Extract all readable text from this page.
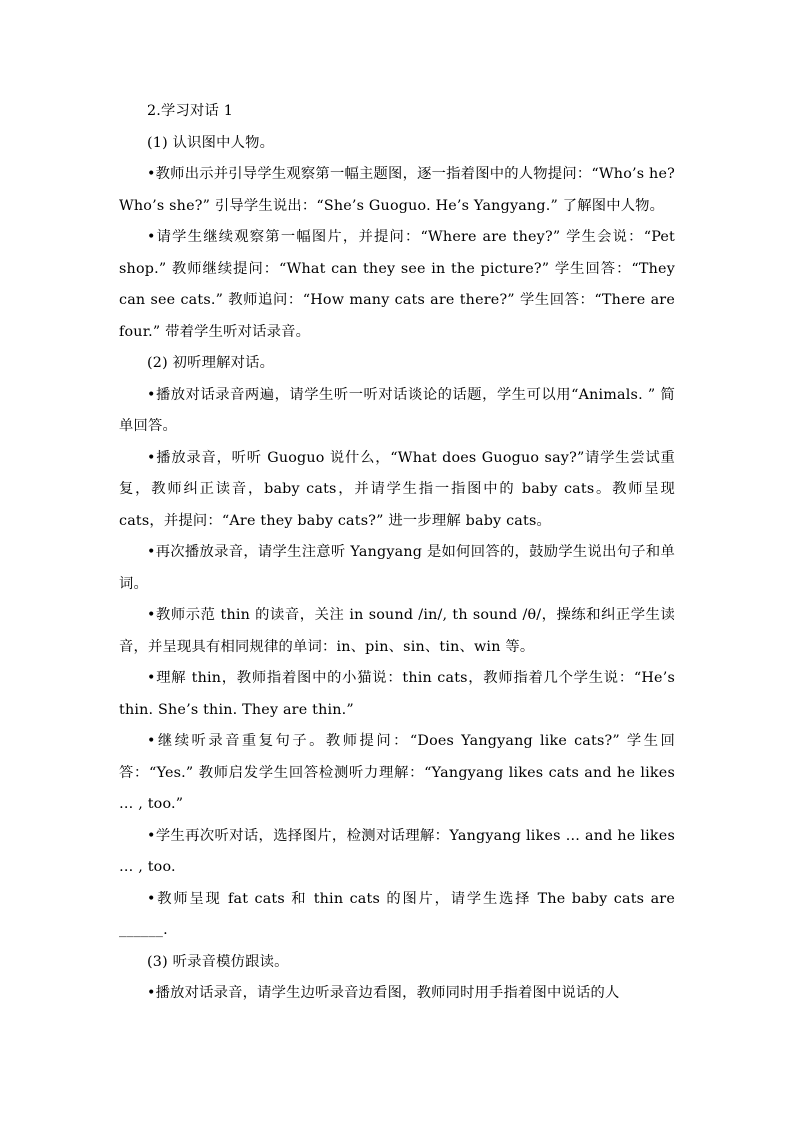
2.学习对话 1

(1) 认识图中人物。

•教师出示并引导学生观察第一幅主题图，逐一指着图中的人物提问：“Who’s he? Who’s she?” 引导学生说出：“She’s Guoguo. He’s Yangyang.” 了解图中人物。

•请学生继续观察第一幅图片，并提问：“Where are they?” 学生会说：“Pet shop.” 教师继续提问：“What can they see in the picture?” 学生回答：“They can see cats.” 教师追问：“How many cats are there?” 学生回答：“There are four.” 带着学生听对话录音。

(2) 初听理解对话。

•播放对话录音两遍，请学生听一听对话谈论的话题，学生可以用“Animals. ” 简单回答。

•播放录音，听听 Guoguo 说什么，“What does Guoguo say?”请学生尝试重复，教师纠正读音，baby cats，并请学生指一指图中的 baby cats。教师呈现 cats，并提问：“Are they baby cats?” 进一步理解 baby cats。

•再次播放录音，请学生注意听 Yangyang 是如何回答的，鼓励学生说出句子和单词。

•教师示范 thin 的读音，关注 in sound /in/, th sound /θ/，操练和纠正学生读音，并呈现具有相同规律的单词：in、pin、sin、tin、win 等。

•理解 thin，教师指着图中的小猫说：thin cats，教师指着几个学生说：“He’s thin. She’s thin. They are thin.”

•继续听录音重复句子。教师提问：“Does Yangyang like cats?” 学生回答：“Yes.” 教师启发学生回答检测听力理解：“Yangyang likes cats and he likes … , too.”

•学生再次听对话，选择图片，检测对话理解：Yangyang likes … and he likes … , too.

•教师呈现 fat cats 和 thin cats 的图片，请学生选择 The baby cats are ______.

(3) 听录音模仿跟读。

•播放对话录音，请学生边听录音边看图，教师同时用手指着图中说话的人
